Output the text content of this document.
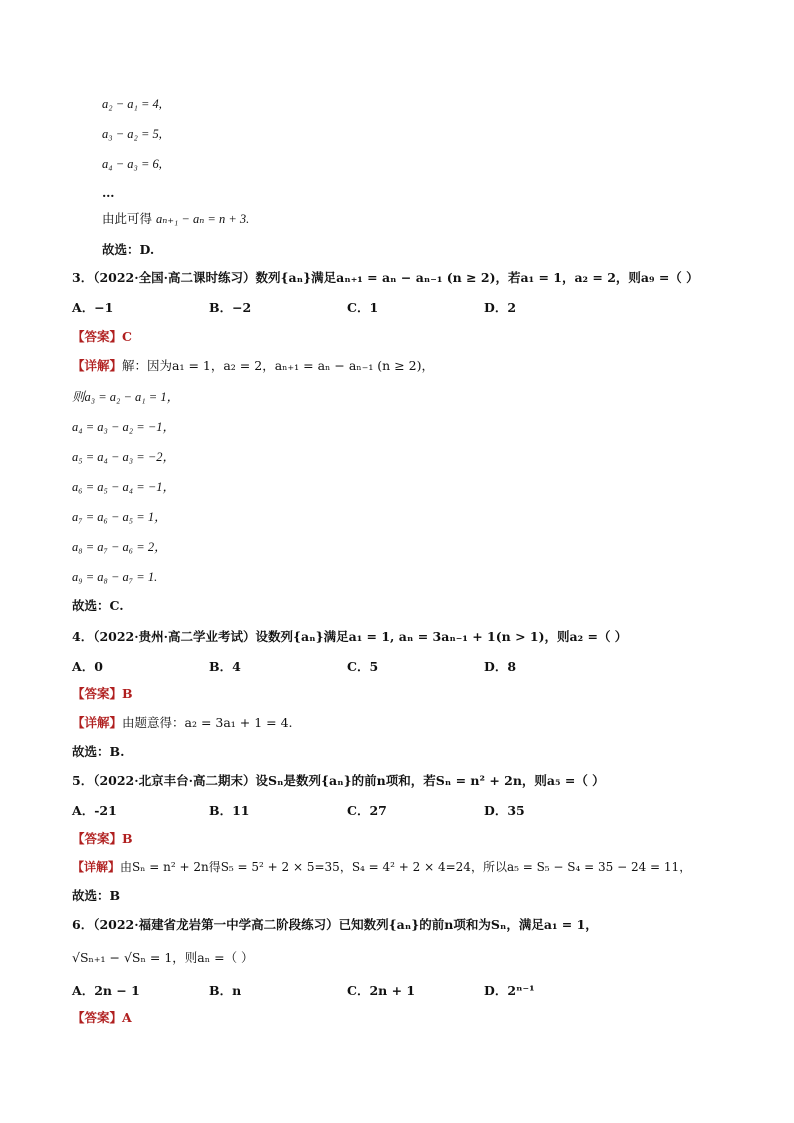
a₂ − a₁ = 4,
a₃ − a₂ = 5,
a₄ − a₃ = 6,
…
由此可得 aₙ₊₁ − aₙ = n + 3.
故选：D.
3．（2022·全国·高二课时练习）数列{aₙ}满足aₙ₊₁ = aₙ − aₙ₋₁ (n ≥ 2)，若a₁ = 1，a₂ = 2，则a₉ =（ ）
A．−1	B．−2	C．1	D．2
【答案】C
【详解】解：因为a₁ = 1，a₂ = 2，aₙ₊₁ = aₙ − aₙ₋₁ (n ≥ 2)，
则a₃ = a₂ − a₁ = 1，
a₄ = a₃ − a₂ = −1，
a₅ = a₄ − a₃ = −2，
a₆ = a₅ − a₄ = −1，
a₇ = a₆ − a₅ = 1，
a₈ = a₇ − a₆ = 2，
a₉ = a₈ − a₇ = 1.
故选：C.
4．（2022·贵州·高二学业考试）设数列{aₙ}满足a₁ = 1, aₙ = 3aₙ₋₁ + 1(n > 1)，则a₂ =（ ）
A．0	B．4	C．5	D．8
【答案】B
【详解】由题意得：a₂ = 3a₁ + 1 = 4.
故选：B.
5．（2022·北京丰台·高二期末）设Sₙ是数列{aₙ}的前n项和，若Sₙ = n² + 2n，则a₅ =（ ）
A．-21	B．11	C．27	D．35
【答案】B
【详解】由Sₙ = n² + 2n得S₅ = 5² + 2 × 5=35，S₄ = 4² + 2 × 4=24，所以a₅ = S₅ − S₄ = 35 − 24 = 11，
故选：B
6．（2022·福建省龙岩第一中学高二阶段练习）已知数列{aₙ}的前n项和为Sₙ，满足a₁ = 1，
√Sₙ₊₁ − √Sₙ = 1，则aₙ =（ ）
A．2n − 1	B．n	C．2n + 1	D．2ⁿ⁻¹
【答案】A
